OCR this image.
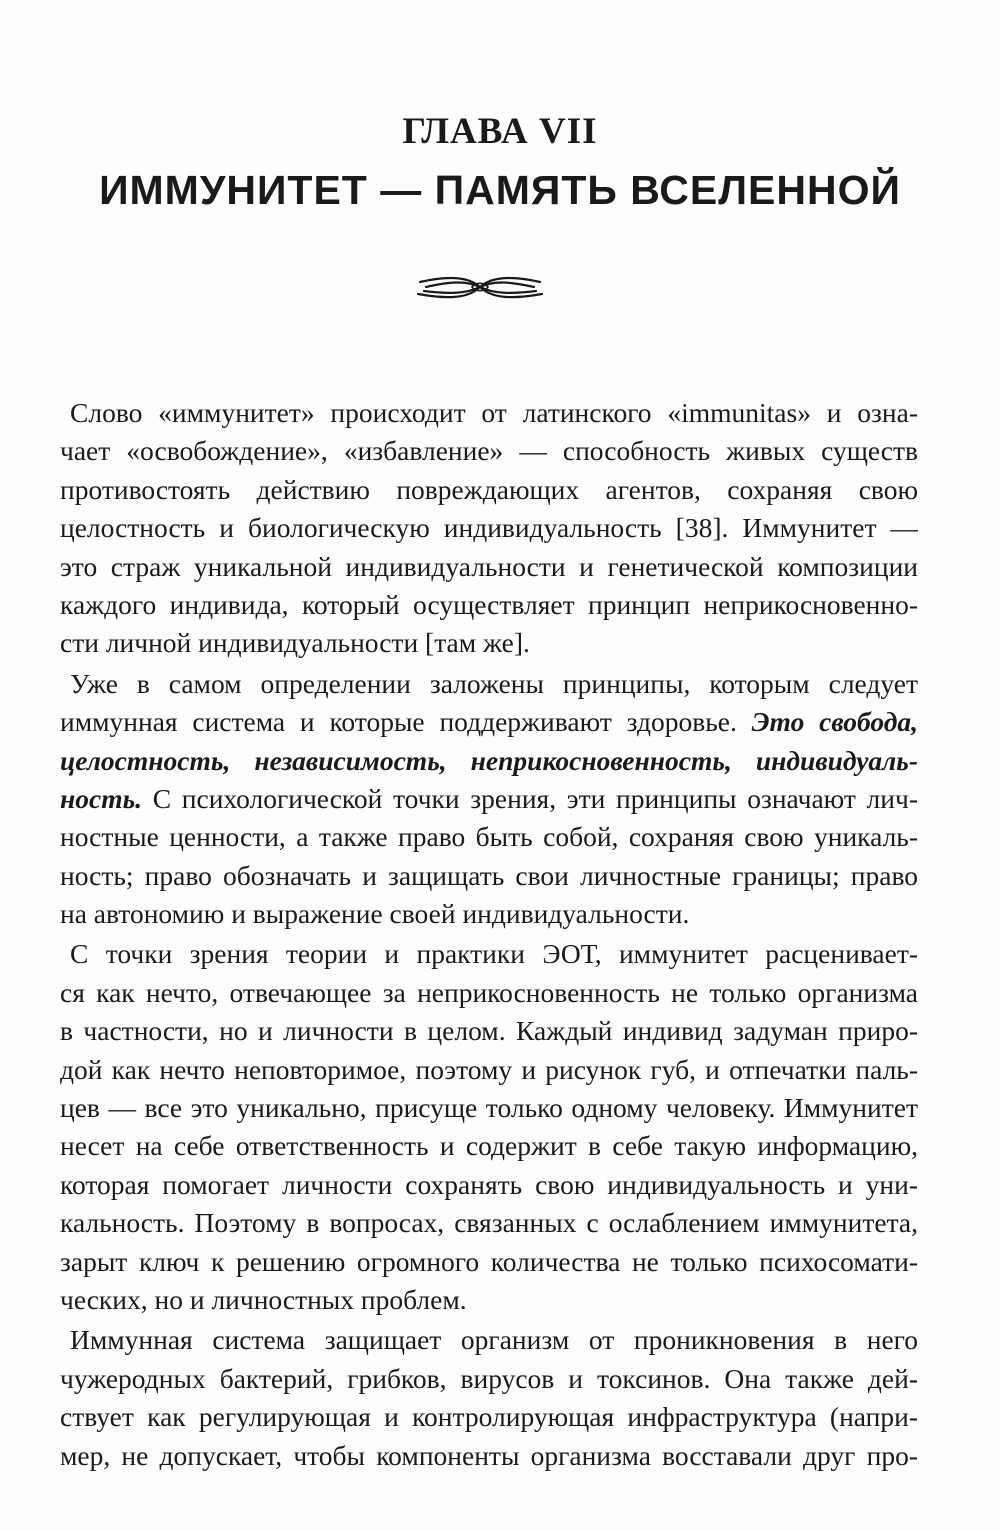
ГЛАВА VII
ИММУНИТЕТ — ПАМЯТЬ ВСЕЛЕННОЙ
Слово «иммунитет» происходит от латинского «immunitas» и озна-
чает «освобождение», «избавление» — способность живых существ
противостоять действию повреждающих агентов, сохраняя свою
целостность и биологическую индивидуальность [38]. Иммунитет —
это страж уникальной индивидуальности и генетической композиции
каждого индивида, который осуществляет принцип неприкосновенно-
сти личной индивидуальности [там же].
Уже в самом определении заложены принципы, которым следует
иммунная система и которые поддерживают здоровье. Это свобода,
целостность, независимость, неприкосновенность, индивидуаль-
ность. С психологической точки зрения, эти принципы означают лич-
ностные ценности, а также право быть собой, сохраняя свою уникаль-
ность; право обозначать и защищать свои личностные границы; право
на автономию и выражение своей индивидуальности.
С точки зрения теории и практики ЭОТ, иммунитет расценивает-
ся как нечто, отвечающее за неприкосновенность не только организма
в частности, но и личности в целом. Каждый индивид задуман приро-
дой как нечто неповторимое, поэтому и рисунок губ, и отпечатки паль-
цев — все это уникально, присуще только одному человеку. Иммунитет
несет на себе ответственность и содержит в себе такую информацию,
которая помогает личности сохранять свою индивидуальность и уни-
кальность. Поэтому в вопросах, связанных с ослаблением иммунитета,
зарыт ключ к решению огромного количества не только психосомати-
ческих, но и личностных проблем.
Иммунная система защищает организм от проникновения в него
чужеродных бактерий, грибков, вирусов и токсинов. Она также дей-
ствует как регулирующая и контролирующая инфраструктура (напри-
мер, не допускает, чтобы компоненты организма восставали друг про-
